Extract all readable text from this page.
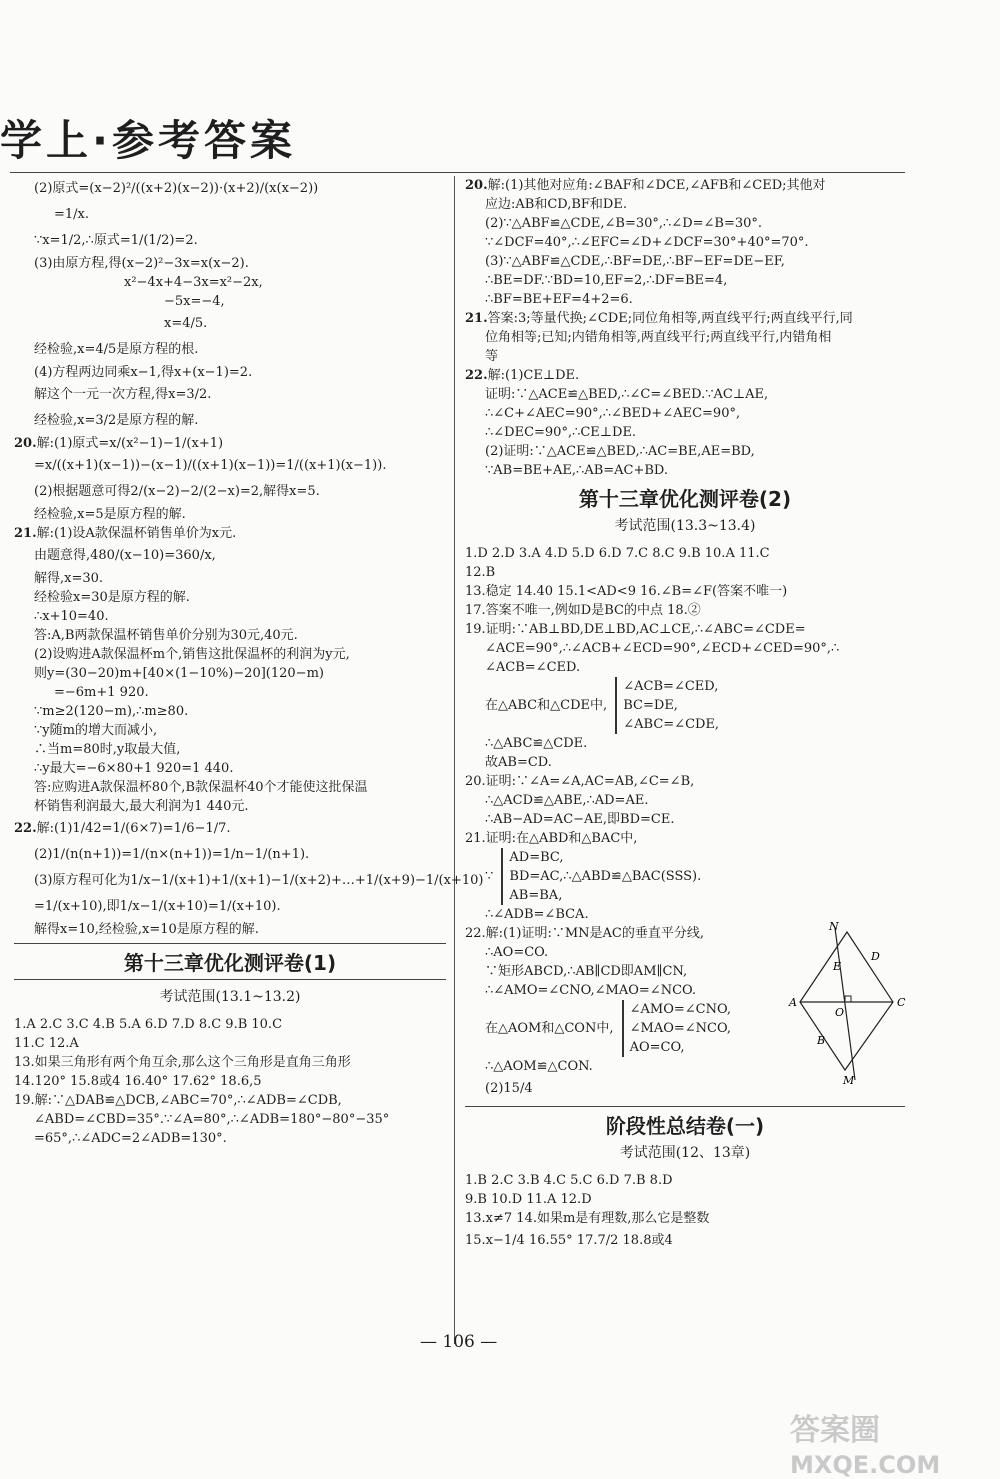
学上·参考答案
(2)原式=(x−2)²/((x+2)(x−2))·(x+2)/(x(x−2))
=1/x.
∵x=1/2,∴原式=1/(1/2)=2.
(3)由原方程,得(x−2)²−3x=x(x−2).
x²−4x+4−3x=x²−2x,
−5x=−4,
x=4/5.
经检验,x=4/5是原方程的根.
(4)方程两边同乘x−1,得x+(x−1)=2.
解这个一元一次方程,得x=3/2.
经检验,x=3/2是原方程的解.
20.解:(1)原式=x/(x²−1)−1/(x+1)
=x/((x+1)(x−1))−(x−1)/((x+1)(x−1))=1/((x+1)(x−1)).
(2)根据题意可得2/(x−2)−2/(2−x)=2,解得x=5.
经检验,x=5是原方程的解.
21.解:(1)设A款保温杯销售单价为x元.
由题意得,480/(x−10)=360/x,
解得,x=30.
经检验x=30是原方程的解.
∴x+10=40.
答:A,B两款保温杯销售单价分别为30元,40元.
(2)设购进A款保温杯m个,销售这批保温杯的利润为y元,
则y=(30−20)m+[40×(1−10%)−20](120−m)
=−6m+1 920.
∵m≥2(120−m),∴m≥80.
∵y随m的增大而减小,
∴当m=80时,y取最大值,
∴y最大=−6×80+1 920=1 440.
答:应购进A款保温杯80个,B款保温杯40个才能使这批保温
杯销售利润最大,最大利润为1 440元.
22.解:(1)1/42=1/(6×7)=1/6−1/7.
(2)1/(n(n+1))=1/(n×(n+1))=1/n−1/(n+1).
(3)原方程可化为1/x−1/(x+1)+1/(x+1)−1/(x+2)+…+1/(x+9)−1/(x+10)
=1/(x+10),即1/x−1/(x+10)=1/(x+10).
解得x=10,经检验,x=10是原方程的解.
第十三章优化测评卷(1)
考试范围(13.1~13.2)
1.A 2.C 3.C 4.B 5.A 6.D 7.D 8.C 9.B 10.C
11.C 12.A
13.如果三角形有两个角互余,那么这个三角形是直角三角形
14.120° 15.8或4 16.40° 17.62° 18.6,5
19.解:∵△DAB≌△DCB,∠ABC=70°,∴∠ADB=∠CDB,
∠ABD=∠CBD=35°.∵∠A=80°,∴∠ADB=180°−80°−35°
=65°,∴∠ADC=2∠ADB=130°.
20.解:(1)其他对应角:∠BAF和∠DCE,∠AFB和∠CED;其他对
应边:AB和CD,BF和DE.
(2)∵△ABF≌△CDE,∠B=30°,∴∠D=∠B=30°.
∵∠DCF=40°,∴∠EFC=∠D+∠DCF=30°+40°=70°.
(3)∵△ABF≌△CDE,∴BF=DE,∴BF−EF=DE−EF,
∴BE=DF.∵BD=10,EF=2,∴DF=BE=4,
∴BF=BE+EF=4+2=6.
21.答案:3;等量代换;∠CDE;同位角相等,两直线平行;两直线平行,同
位角相等;已知;内错角相等,两直线平行;两直线平行,内错角相
等
22.解:(1)CE⊥DE.
证明:∵△ACE≌△BED,∴∠C=∠BED.∵AC⊥AE,
∴∠C+∠AEC=90°,∴∠BED+∠AEC=90°,
∴∠DEC=90°,∴CE⊥DE.
(2)证明:∵△ACE≌△BED,∴AC=BE,AE=BD,
∵AB=BE+AE,∴AB=AC+BD.
第十三章优化测评卷(2)
考试范围(13.3~13.4)
1.D 2.D 3.A 4.D 5.D 6.D 7.C 8.C 9.B 10.A 11.C
12.B
13.稳定 14.40 15.1<AD<9 16.∠B=∠F(答案不唯一)
17.答案不唯一,例如D是BC的中点 18.②
19.证明:∵AB⊥BD,DE⊥BD,AC⊥CE,∴∠ABC=∠CDE=
∠ACE=90°,∴∠ACB+∠ECD=90°,∠ECD+∠CED=90°,∴
∠ACB=∠CED.
在△ABC和△CDE中,
∠ACB=∠CED,
BC=DE,
∠ABC=∠CDE,
∴△ABC≌△CDE.
故AB=CD.
20.证明:∵∠A=∠A,AC=AB,∠C=∠B,
∴△ACD≌△ABE,∴AD=AE.
∴AB−AD=AC−AE,即BD=CE.
21.证明:在△ABD和△BAC中,
∵
AD=BC,
BD=AC,∴△ABD≌△BAC(SSS).
AB=BA,
∴∠ADB=∠BCA.
22.解:(1)证明:∵MN是AC的垂直平分线,
∴AO=CO.
∵矩形ABCD,∴AB∥CD即AM∥CN,
∴∠AMO=∠CNO,∠MAO=∠NCO.
在△AOM和△CON中,
∠AMO=∠CNO,
∠MAO=∠NCO,
AO=CO,
∴△AOM≌△CON.
(2)15/4
阶段性总结卷(一)
考试范围(12、13章)
1.B 2.C 3.B 4.C 5.C 6.D 7.B 8.D
9.B 10.D 11.A 12.D
13.x≠7 14.如果m是有理数,那么它是整数
15.x−1/4 16.55° 17.7/2 18.8或4
N
D
E
A
O
C
B
M
— 106 —
答案圈
MXQE.COM
